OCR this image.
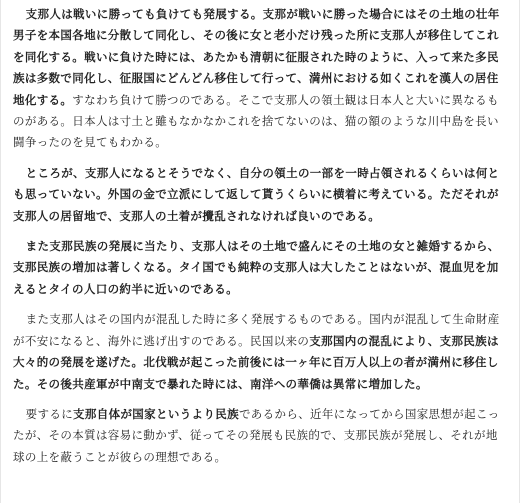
支那人は戦いに勝っても負けても発展する。支那が戦いに勝った場合にはその土地の壮年男子を本国各地に分散して同化し、その後に女と老小だけ残った所に支那人が移住してこれを同化する。戦いに負けた時には、あたかも清朝に征服された時のように、入って来た多民族は多数で同化し、征服国にどんどん移住して行って、満州における如くこれを漢人の居住地化する。すなわち負けて勝つのである。そこで支那人の領土観は日本人と大いに異なるものがある。日本人は寸土と雖もなかなかこれを捨てないのは、猫の額のような川中島を長い闘争ったのを見てもわかる。

ところが、支那人になるとそうでなく、自分の領土の一部を一時占領されるくらいは何とも思っていない。外国の金で立派にして返して貰うくらいに横着に考えている。ただそれが支那人の居留地で、支那人の土着が攪乱されなければ良いのである。

また支那民族の発展に当たり、支那人はその土地で盛んにその土地の女と雑婚するから、支那民族の増加は著しくなる。タイ国でも純粋の支那人は大したことはないが、混血児を加えるとタイの人口の約半に近いのである。

また支那人はその国内が混乱した時に多く発展するものである。国内が混乱して生命財産が不安になると、海外に逃げ出すのである。民国以来の支那国内の混乱により、支那民族は大々的の発展を遂げた。北伐戦が起こった前後には一ヶ年に百万人以上の者が満州に移住した。その後共産軍が中南支で暴れた時には、南洋への華僑は異常に増加した。

要するに支那自体が国家というより民族であるから、近年になってから国家思想が起こったが、その本質は容易に動かず、従ってその発展も民族的で、支那民族が発展し、それが地球の上を蔽うことが彼らの理想である。
